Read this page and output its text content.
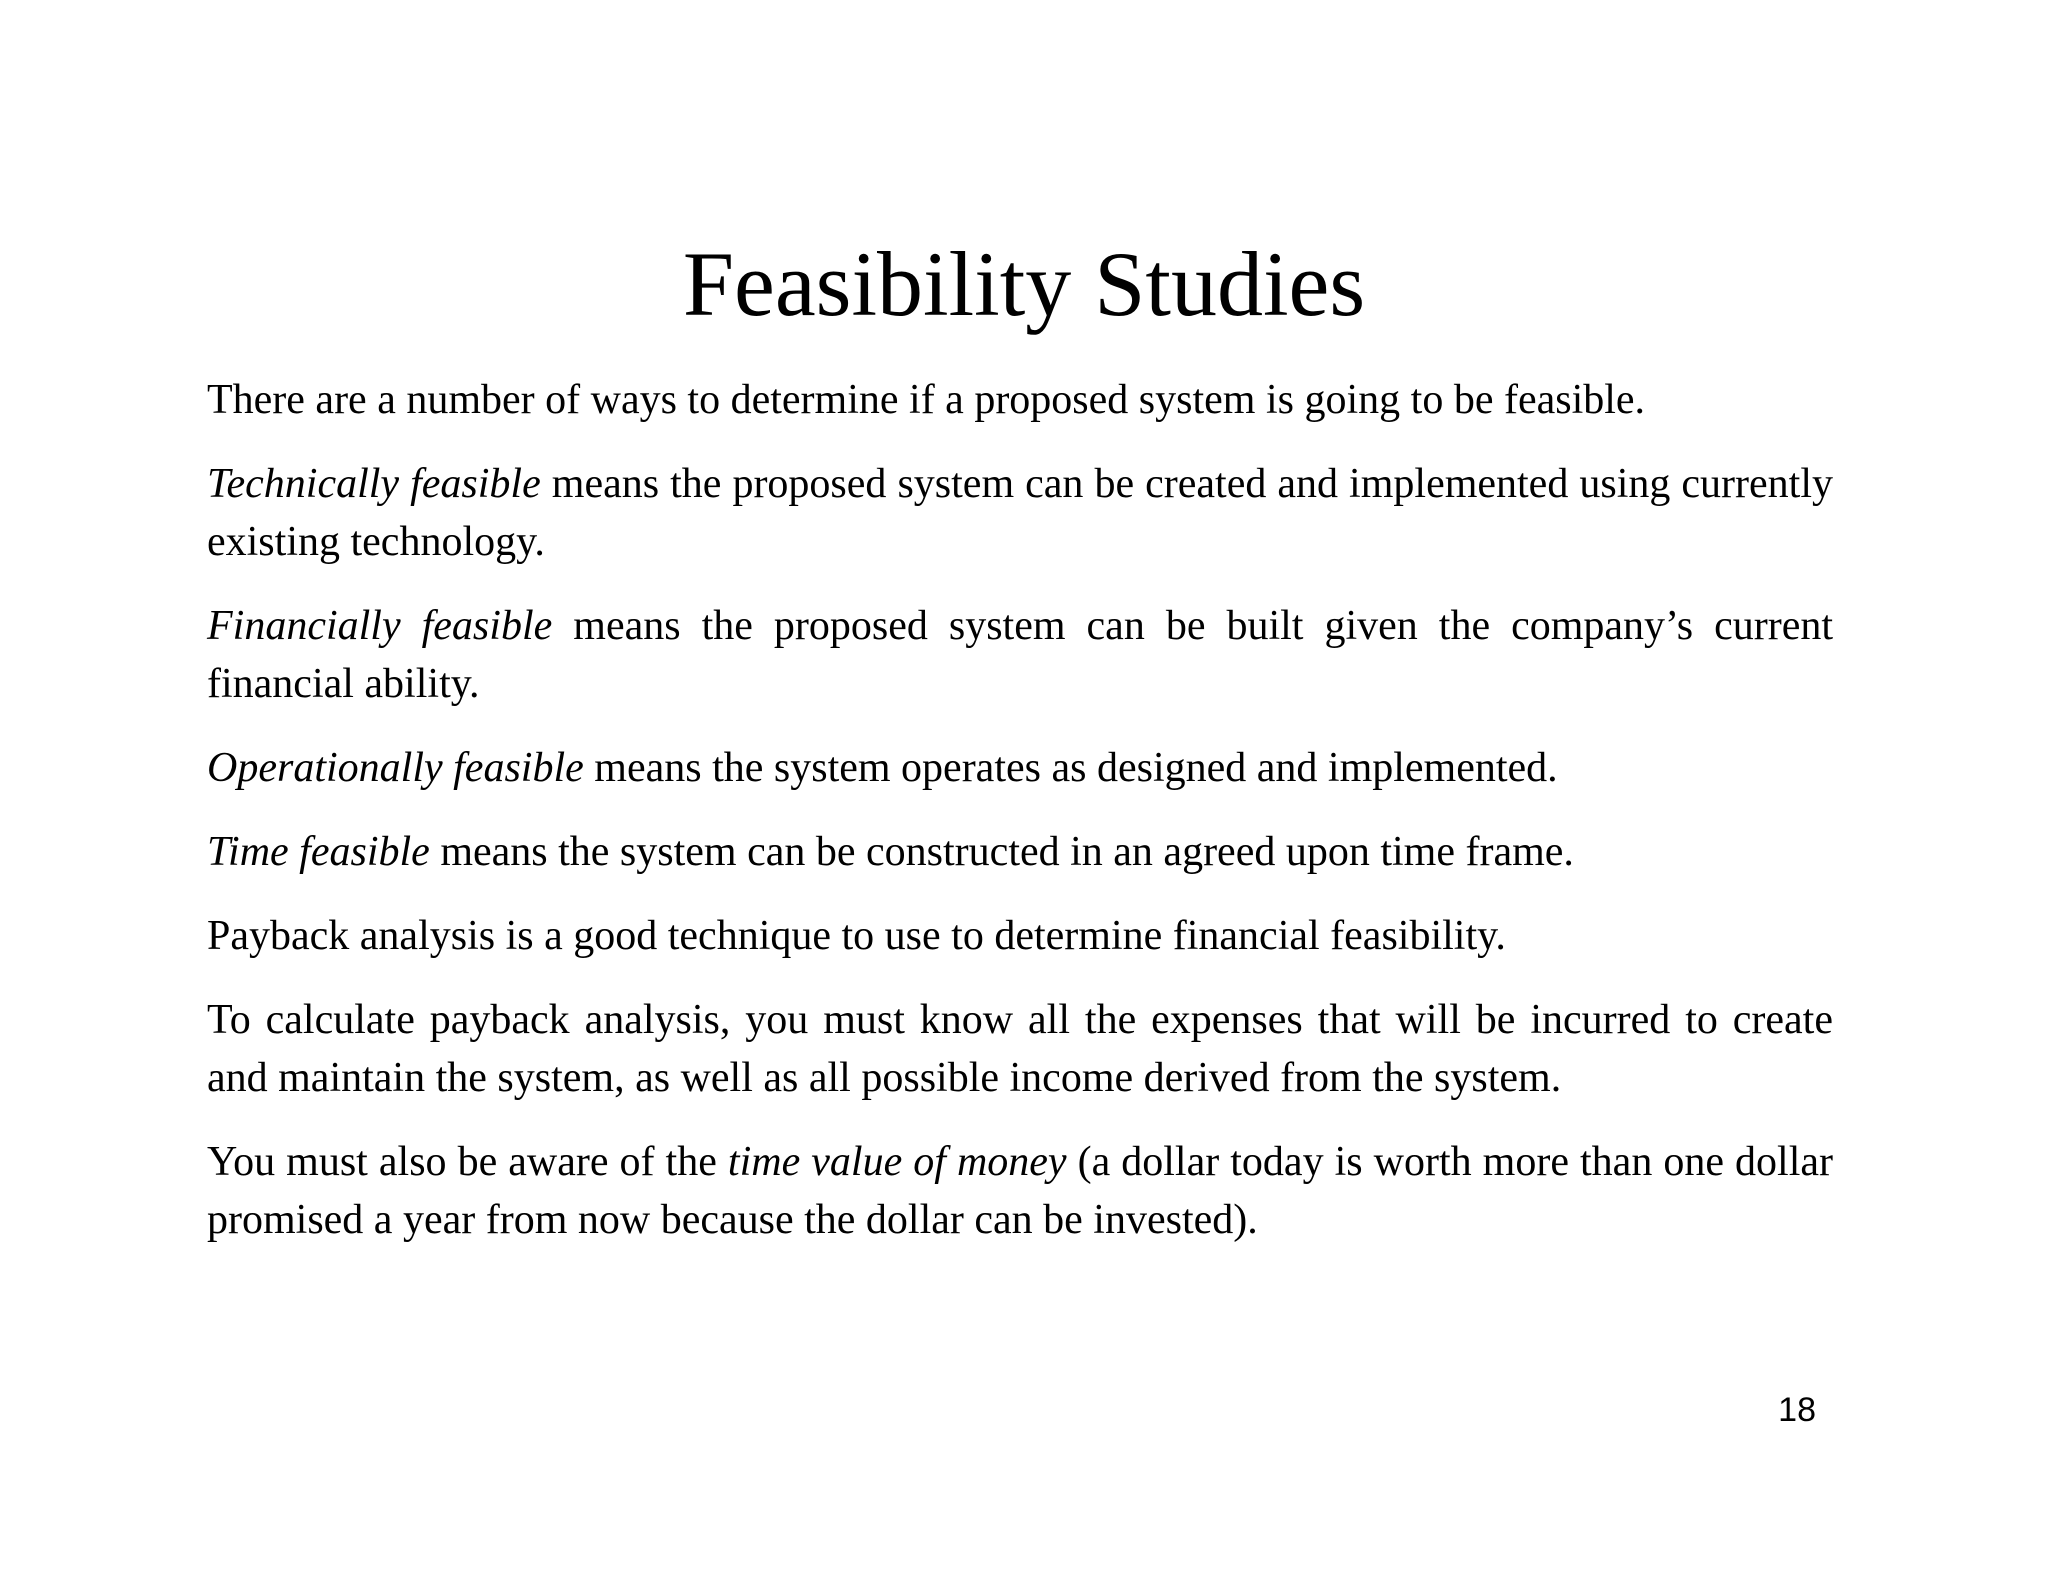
Feasibility Studies

There are a number of ways to determine if a proposed system is going to be feasible.

Technically feasible means the proposed system can be created and implemented using currently existing technology.

Financially feasible means the proposed system can be built given the company’s current financial ability.

Operationally feasible means the system operates as designed and implemented.

Time feasible means the system can be constructed in an agreed upon time frame.

Payback analysis is a good technique to use to determine financial feasibility.

To calculate payback analysis, you must know all the expenses that will be incurred to create and maintain the system, as well as all possible income derived from the system.

You must also be aware of the time value of money (a dollar today is worth more than one dollar promised a year from now because the dollar can be invested).

18
